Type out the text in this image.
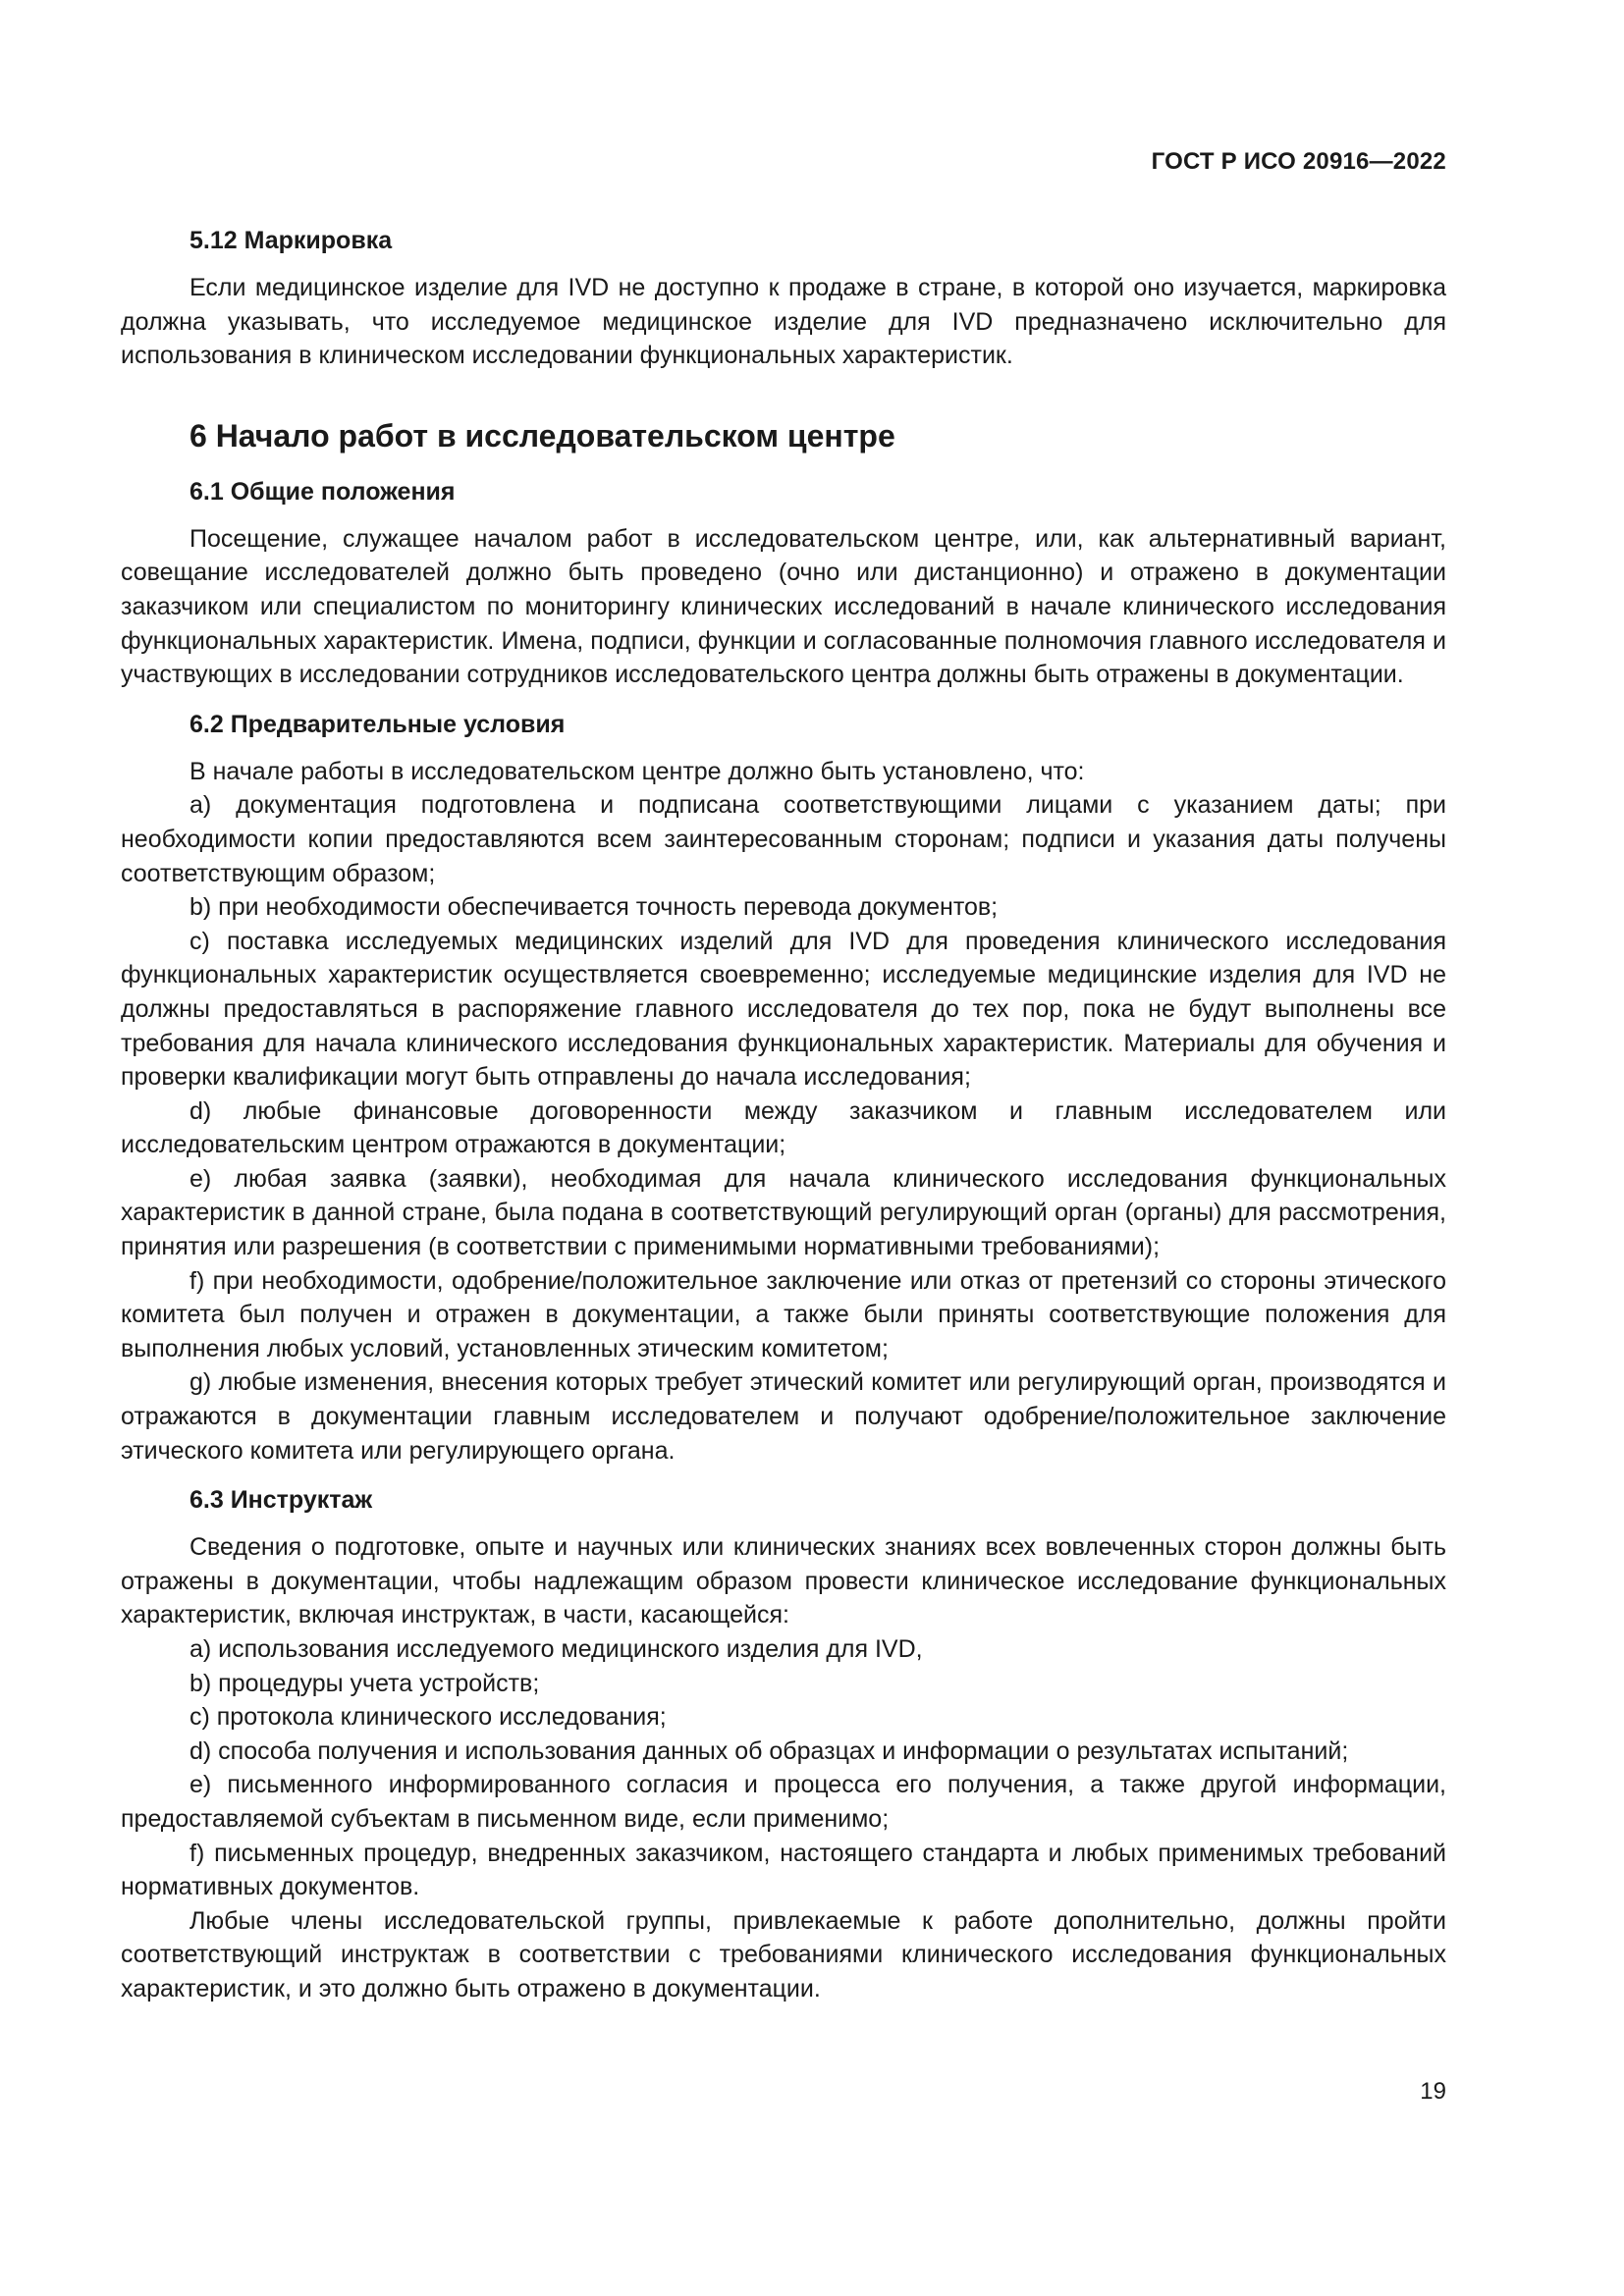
ГОСТ Р ИСО 20916—2022
5.12 Маркировка

Если медицинское изделие для IVD не доступно к продаже в стране, в которой оно изучается, маркировка должна указывать, что исследуемое медицинское изделие для IVD предназначено исключительно для использования в клиническом исследовании функциональных характеристик.

6 Начало работ в исследовательском центре
6.1 Общие положения

Посещение, служащее началом работ в исследовательском центре, или, как альтернативный вариант, совещание исследователей должно быть проведено (очно или дистанционно) и отражено в документации заказчиком или специалистом по мониторингу клинических исследований в начале клинического исследования функциональных характеристик. Имена, подписи, функции и согласованные полномочия главного исследователя и участвующих в исследовании сотрудников исследовательского центра должны быть отражены в документации.

6.2 Предварительные условия

В начале работы в исследовательском центре должно быть установлено, что:

a) документация подготовлена и подписана соответствующими лицами с указанием даты; при необходимости копии предоставляются всем заинтересованным сторонам; подписи и указания даты получены соответствующим образом;

b) при необходимости обеспечивается точность перевода документов;

c) поставка исследуемых медицинских изделий для IVD для проведения клинического исследования функциональных характеристик осуществляется своевременно; исследуемые медицинские изделия для IVD не должны предоставляться в распоряжение главного исследователя до тех пор, пока не будут выполнены все требования для начала клинического исследования функциональных характеристик. Материалы для обучения и проверки квалификации могут быть отправлены до начала исследования;

d) любые финансовые договоренности между заказчиком и главным исследователем или исследовательским центром отражаются в документации;

e) любая заявка (заявки), необходимая для начала клинического исследования функциональных характеристик в данной стране, была подана в соответствующий регулирующий орган (органы) для рассмотрения, принятия или разрешения (в соответствии с применимыми нормативными требованиями);

f) при необходимости, одобрение/положительное заключение или отказ от претензий со стороны этического комитета был получен и отражен в документации, а также были приняты соответствующие положения для выполнения любых условий, установленных этическим комитетом;

g) любые изменения, внесения которых требует этический комитет или регулирующий орган, производятся и отражаются в документации главным исследователем и получают одобрение/положительное заключение этического комитета или регулирующего органа.

6.3 Инструктаж

Сведения о подготовке, опыте и научных или клинических знаниях всех вовлеченных сторон должны быть отражены в документации, чтобы надлежащим образом провести клиническое исследование функциональных характеристик, включая инструктаж, в части, касающейся:

a) использования исследуемого медицинского изделия для IVD,

b) процедуры учета устройств;

c) протокола клинического исследования;

d) способа получения и использования данных об образцах и информации о результатах испытаний;

e) письменного информированного согласия и процесса его получения, а также другой информации, предоставляемой субъектам в письменном виде, если применимо;

f) письменных процедур, внедренных заказчиком, настоящего стандарта и любых применимых требований нормативных документов.

Любые члены исследовательской группы, привлекаемые к работе дополнительно, должны пройти соответствующий инструктаж в соответствии с требованиями клинического исследования функциональных характеристик, и это должно быть отражено в документации.

19
